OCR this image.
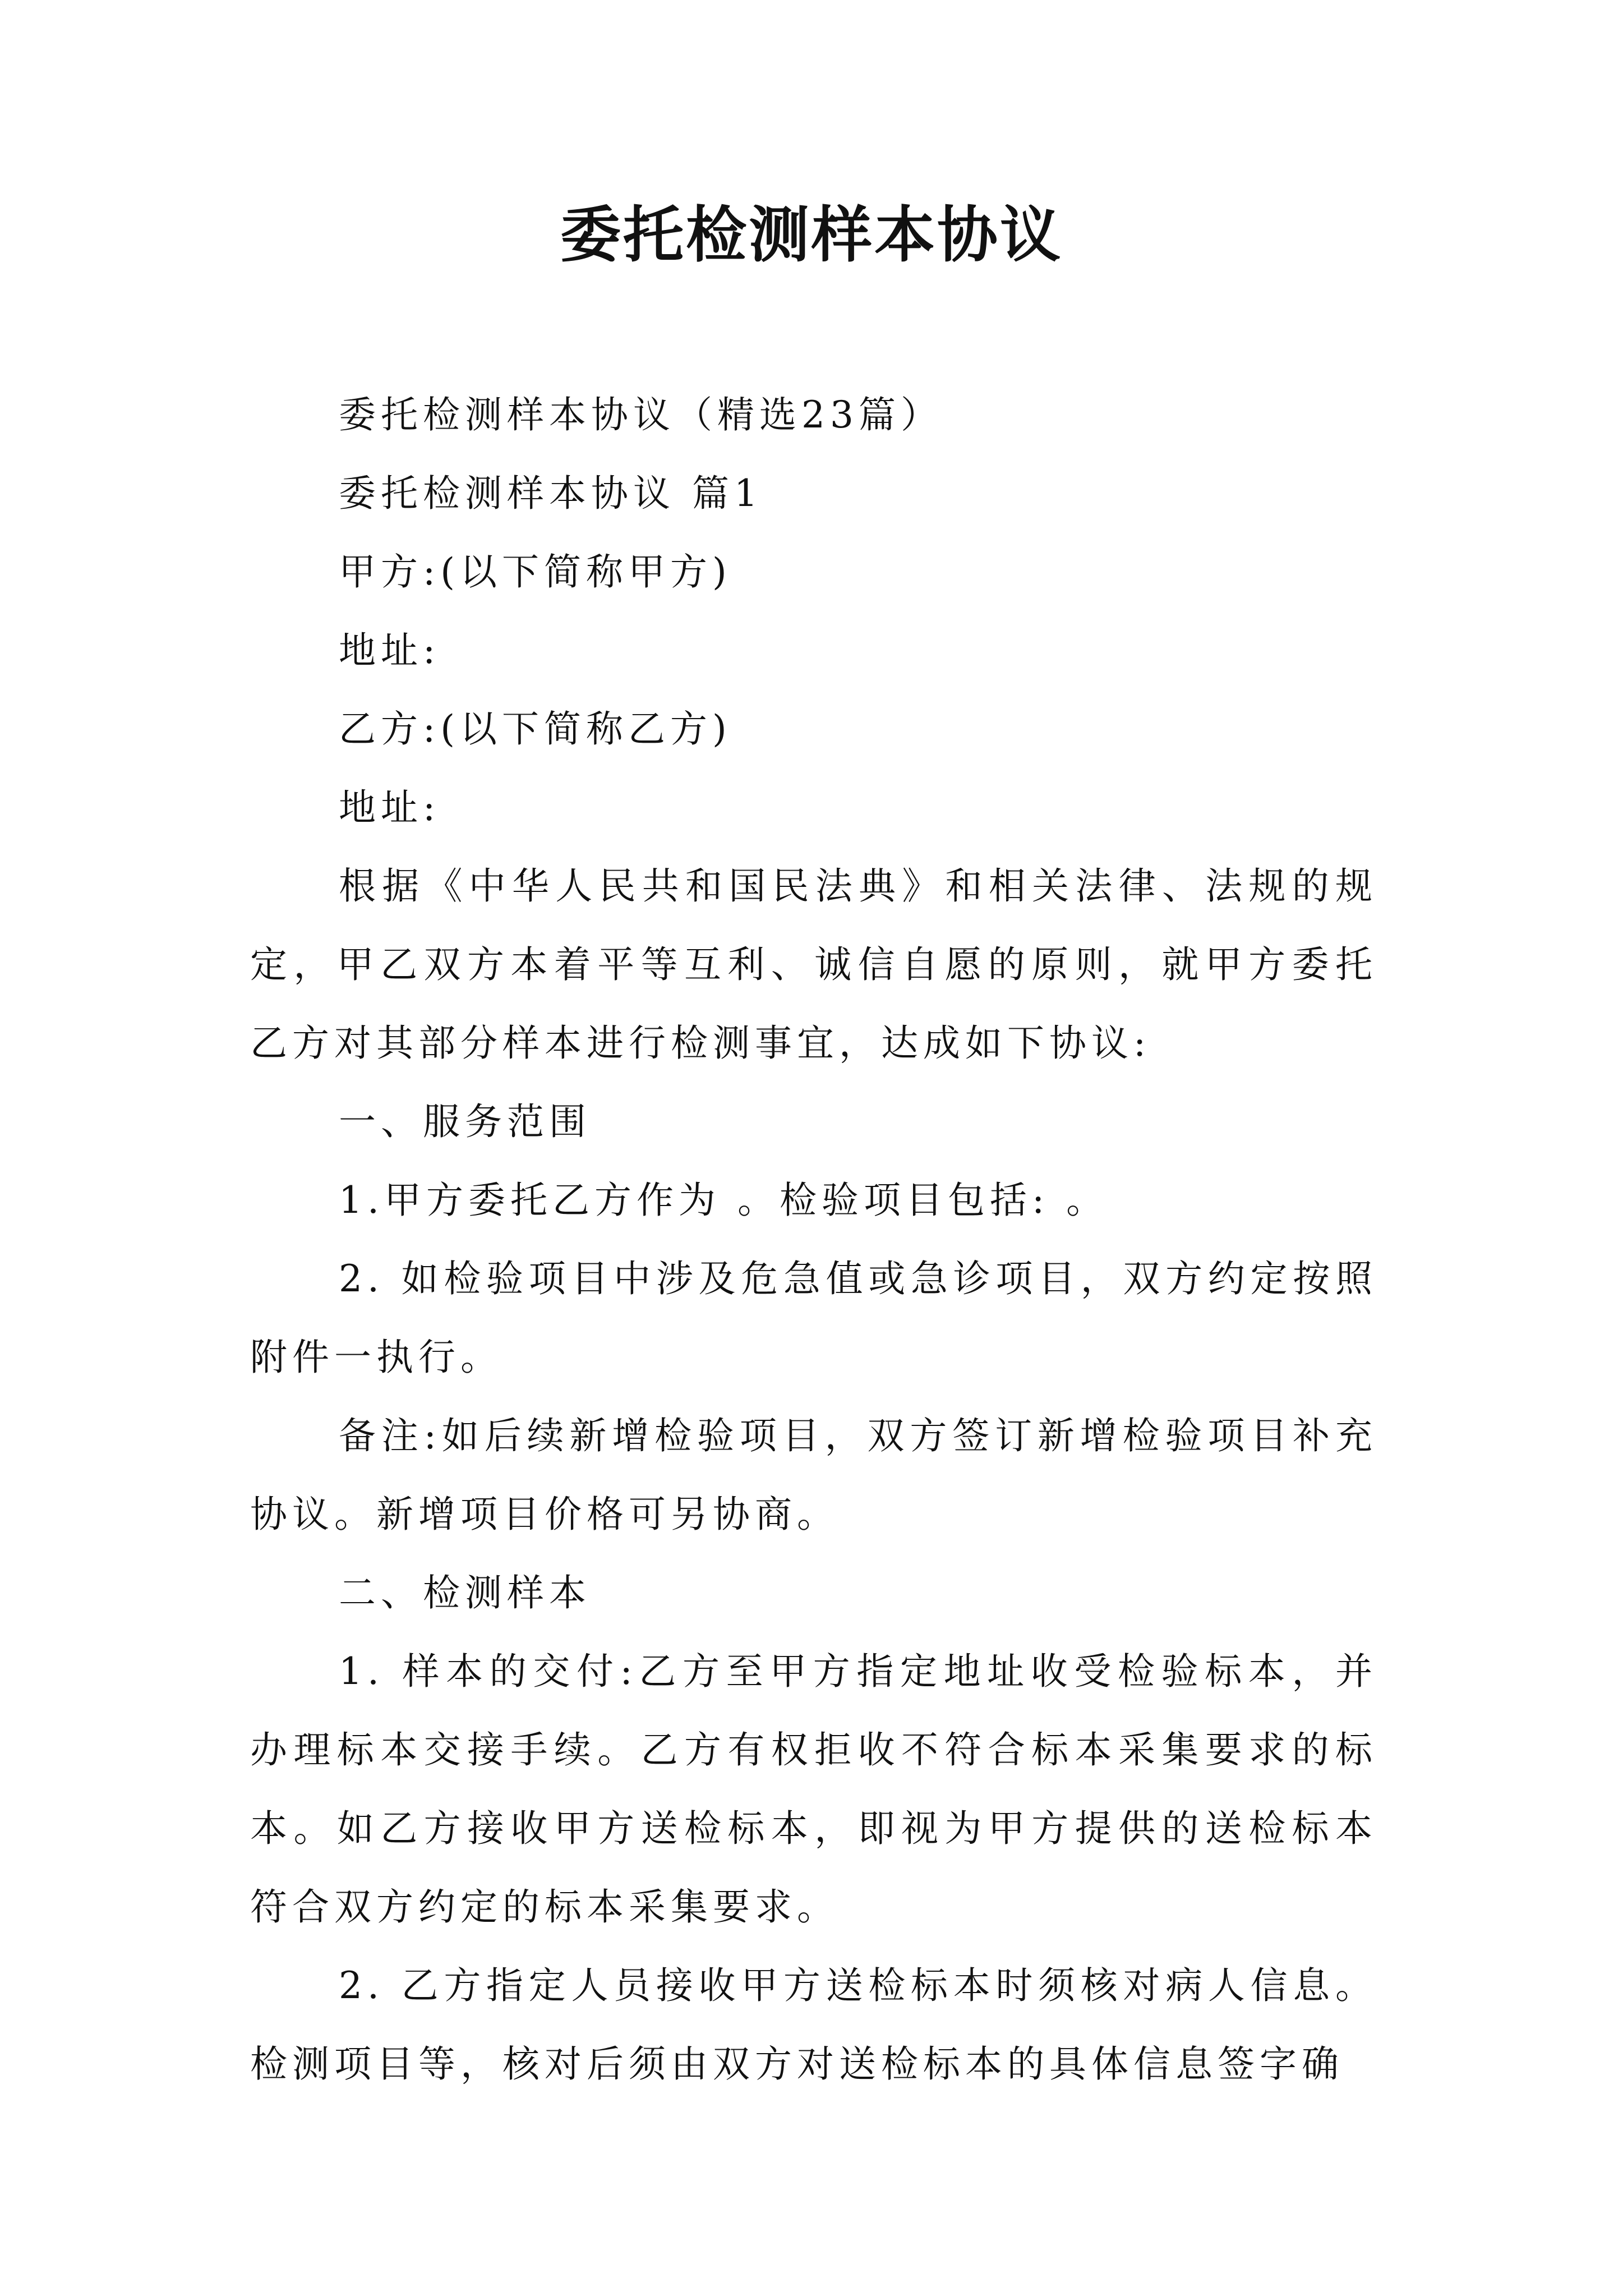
委托检测样本协议

委托检测样本协议（精选23篇）

委托检测样本协议 篇1

甲方:(以下简称甲方)

地址:

乙方:(以下简称乙方)

地址:

根据《中华人民共和国民法典》和相关法律、法规的规定，甲乙双方本着平等互利、诚信自愿的原则，就甲方委托乙方对其部分样本进行检测事宜，达成如下协议:

一、服务范围

1.甲方委托乙方作为 。检验项目包括: 。

2. 如检验项目中涉及危急值或急诊项目，双方约定按照附件一执行。

备注:如后续新增检验项目，双方签订新增检验项目补充协议。新增项目价格可另协商。

二、检测样本

1. 样本的交付:乙方至甲方指定地址收受检验标本，并办理标本交接手续。乙方有权拒收不符合标本采集要求的标本。如乙方接收甲方送检标本，即视为甲方提供的送检标本符合双方约定的标本采集要求。

2. 乙方指定人员接收甲方送检标本时须核对病人信息。检测项目等，核对后须由双方对送检标本的具体信息签字确
